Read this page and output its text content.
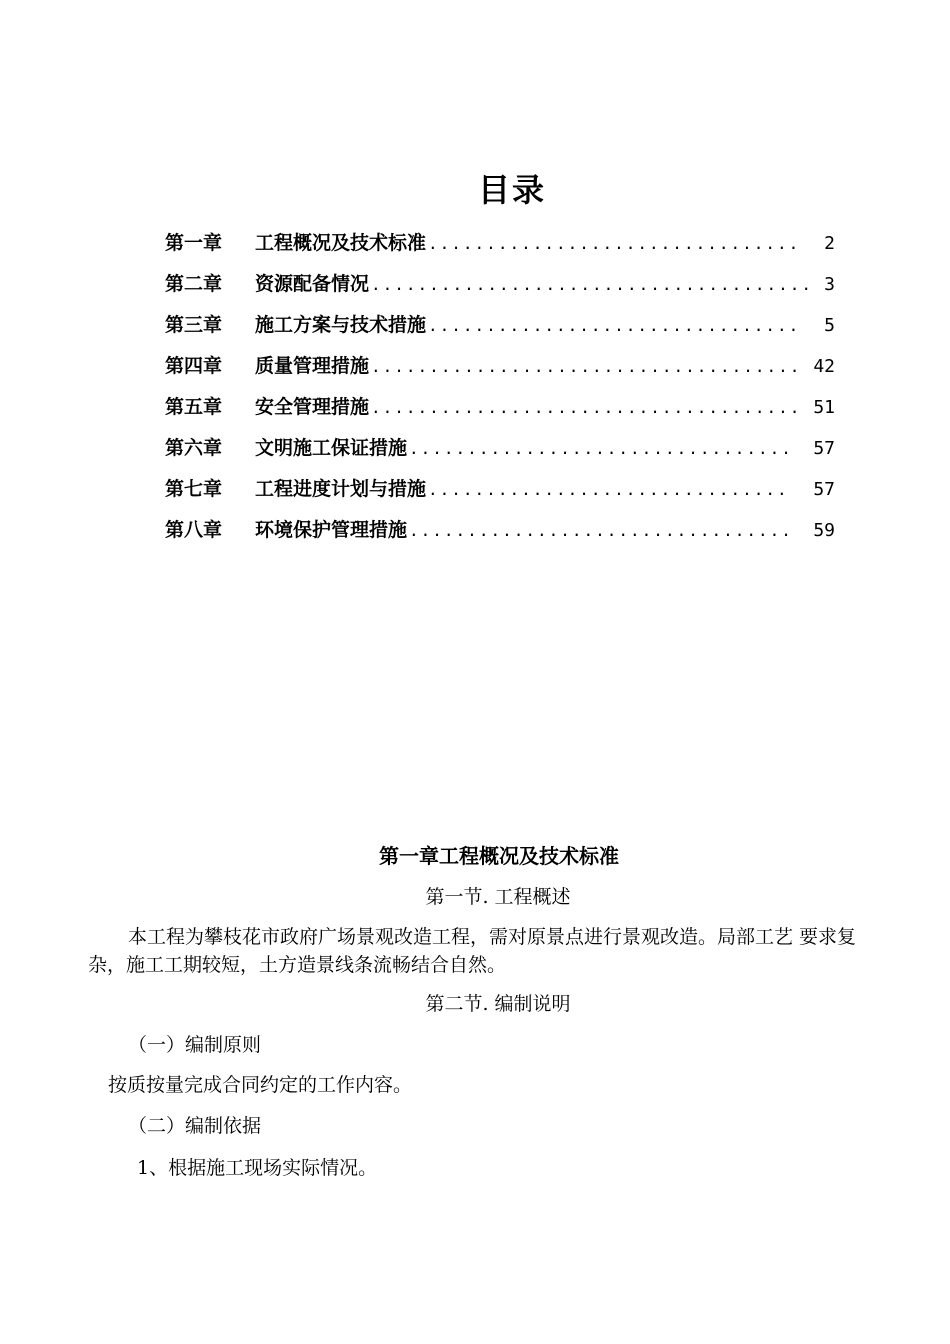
目录
第一章	工程概况及技术标准 ................................	2
第二章	资源配备情况 ...................................... 3
第三章	施工方案与技术措施 ................................	5
第四章	质量管理措施 ..................................... 42
第五章	安全管理措施 ..................................... 51
第六章	文明施工保证措施 .................................	57
第七章	工程进度计划与措施 ...............................	57
第八章	环境保护管理措施 .................................	59
第一章工程概况及技术标准
第一节. 工程概述
本工程为攀枝花市政府广场景观改造工程，需对原景点进行景观改造。局部工艺 要求复杂，施工工期较短，土方造景线条流畅结合自然。
第二节. 编制说明
（一）编制原则
按质按量完成合同约定的工作内容。
（二）编制依据
1、根据施工现场实际情况。
